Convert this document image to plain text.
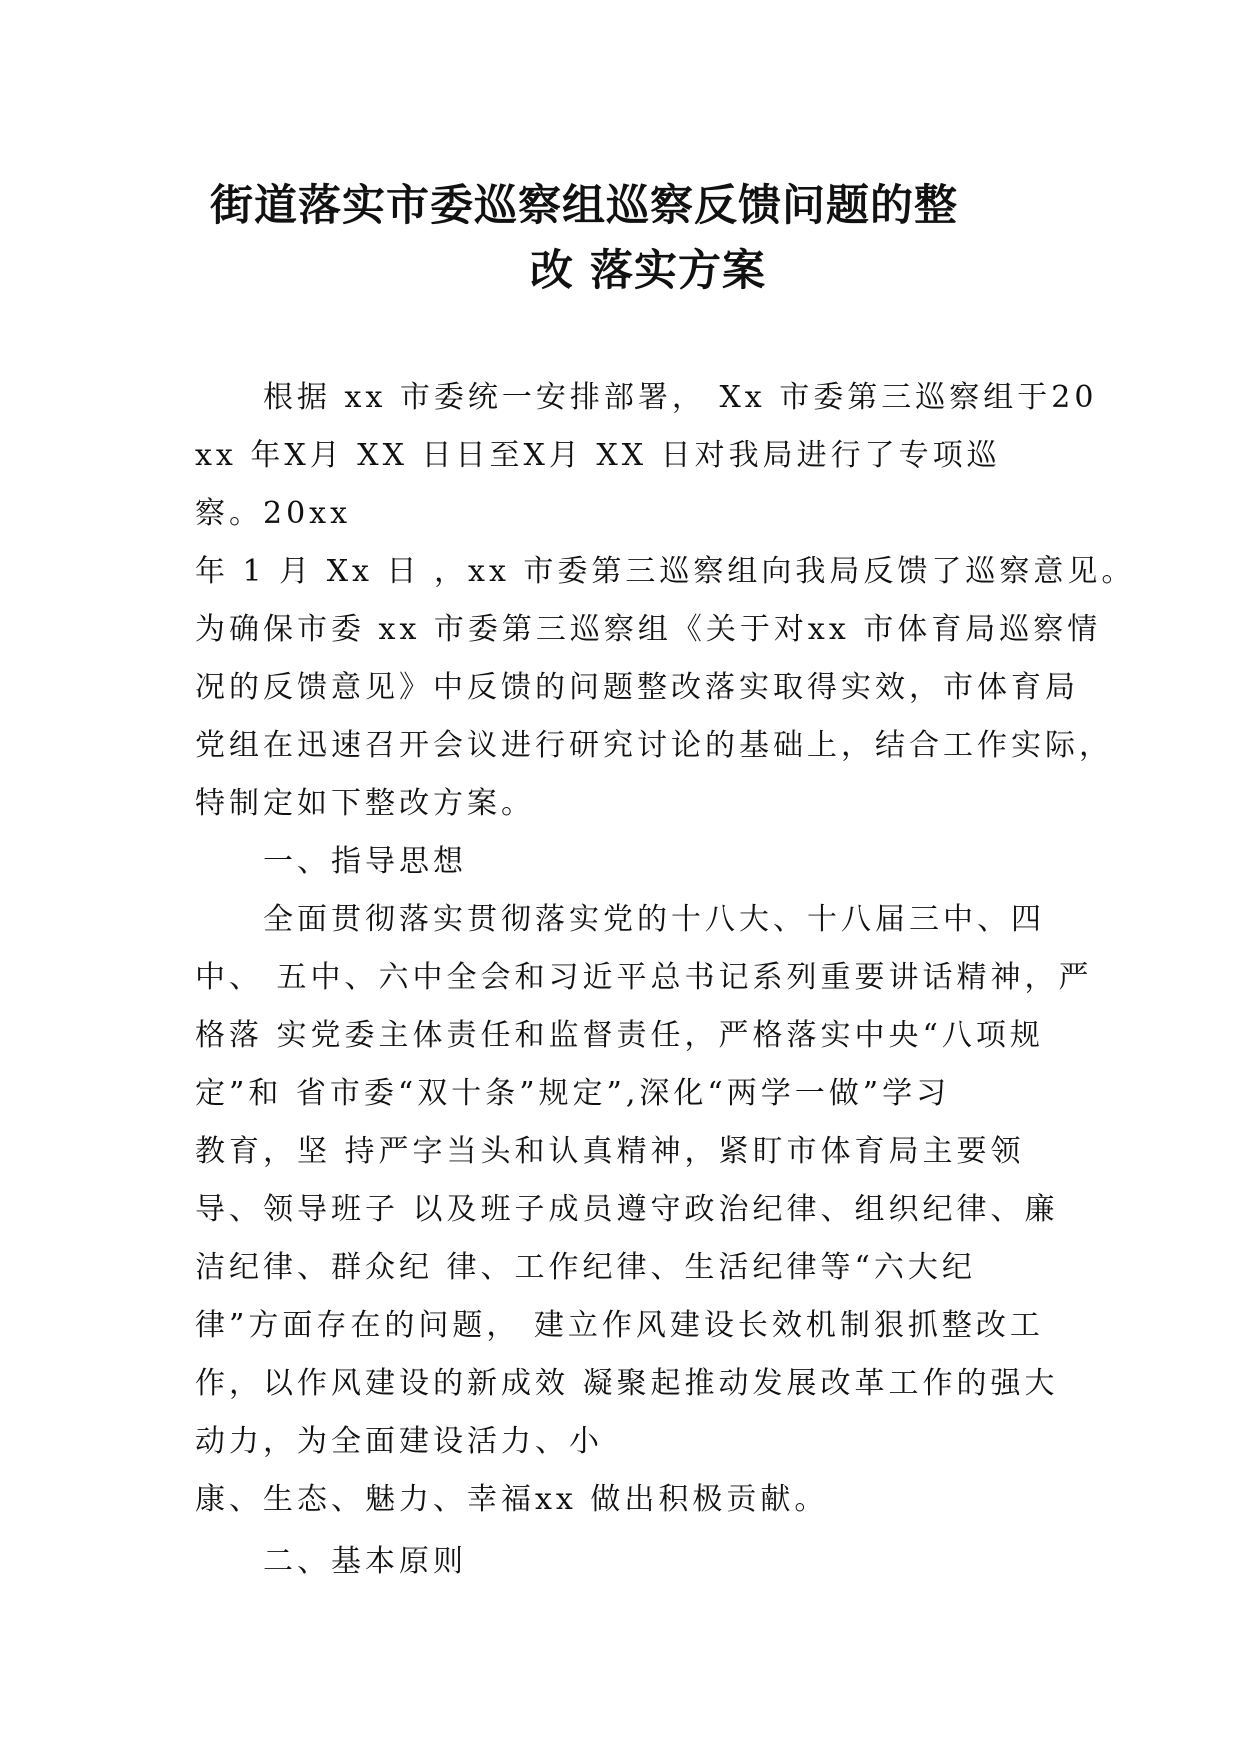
街道落实市委巡察组巡察反馈问题的整
改 落实方案

根据 xx 市委统一安排部署， Xx 市委第三巡察组于20

xx 年X月 XX 日日至X月 XX 日对我局进行了专项巡

察。20xx

年 1 月 Xx 日 ，xx 市委第三巡察组向我局反馈了巡察意见。

为确保市委 xx 市委第三巡察组《关于对xx 市体育局巡察情

况的反馈意见》中反馈的问题整改落实取得实效，市体育局

党组在迅速召开会议进行研究讨论的基础上，结合工作实际，

特制定如下整改方案。

一、指导思想

全面贯彻落实贯彻落实党的十八大、十八届三中、四

中、 五中、六中全会和习近平总书记系列重要讲话精神，严

格落 实党委主体责任和监督责任，严格落实中央“八项规

定”和 省市委“双十条”规定”,深化“两学一做”学习

教育，坚 持严字当头和认真精神，紧盯市体育局主要领

导、领导班子 以及班子成员遵守政治纪律、组织纪律、廉

洁纪律、群众纪 律、工作纪律、生活纪律等“六大纪

律”方面存在的问题， 建立作风建设长效机制狠抓整改工

作，以作风建设的新成效 凝聚起推动发展改革工作的强大

动力，为全面建设活力、小

康、生态、魅力、幸福xx 做出积极贡献。

二、基本原则
